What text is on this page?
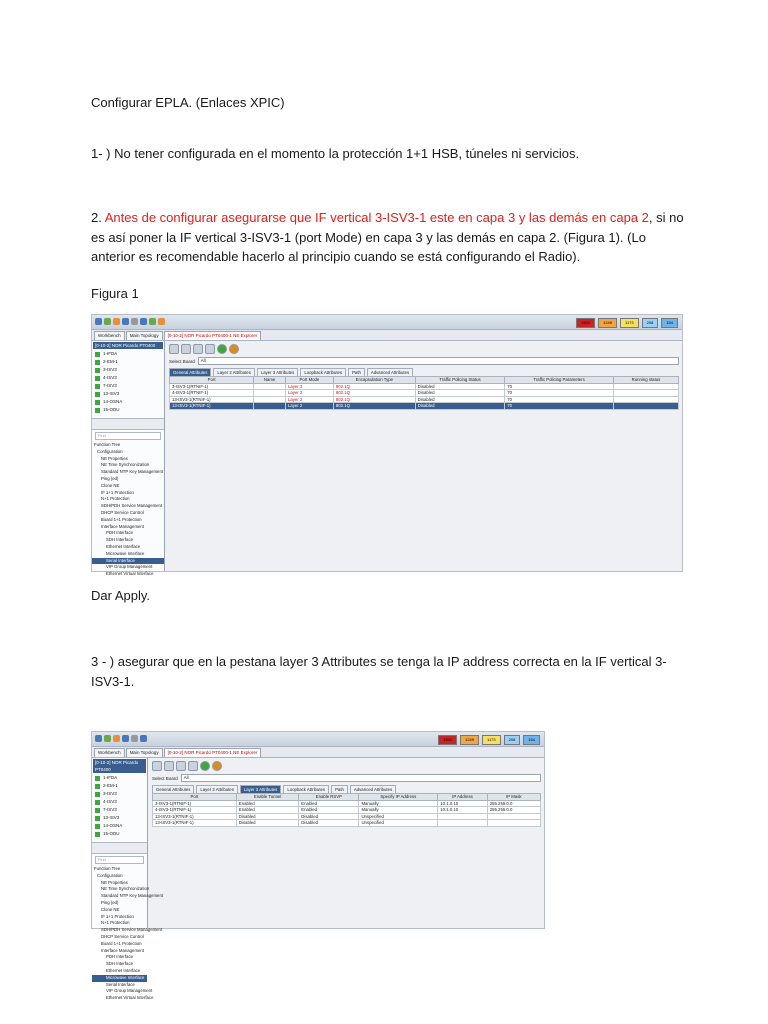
Configurar EPLA. (Enlaces XPIC)

1- ) No tener configurada en el momento la protección 1+1 HSB, túneles ni servicios.

2. Antes de configurar asegurarse que IF vertical 3-ISV3-1 este en capa 3 y las demás en capa 2, si no es así poner la IF vertical 3-ISV3-1 (port Mode) en capa 3 y las demás en capa 2. (Figura 1). (Lo anterior es recomendable hacerlo al principio cuando se está configurando el Radio).

Figura 1

1301	1249	1173	208	154
Workbench	Main Topology	[0-10-2] NOR Picardo PT0400-1 NE Explorer
[0-10-2] NOR Picardo PT0400
1-IFDA
2-EM-1
3-ISV3
4-ISV3
7-ISV3
13-ISV3
14-OSNA
15-ODU
Find
Function Tree
Configuration
NE Properties
NE Time Synchronization
Standard NTP Key Management
Ping (ed)
Clone NE
IF 1+1 Protection
N+1 Protection
SDH/PDH Service Management
DHCP Service Control
Board 1+1 Protection
Interface Management
PDH Interface
SDH Interface
Ethernet Interface
Microwave Interface
Serial Interface
VIP Group Management
Ethernet Virtual Interface
Select Board	All
General Attributes	Layer 2 Attributes	Layer 3 Attributes	Loopback Attributes	Path	Advanced Attributes
Port	Name	Port Mode	Encapsulation Type	Traffic Policing Status	Traffic Policing Parameters	Running status
3-ISV3-1(RTNIF-1)		Layer 3	802.1Q	Disabled	70	
4-ISV3-1(RTNIF-1)		Layer 2	802.1Q	Disabled	70	
13-ISV3-1(RTNIF-1)		Layer 2	802.1Q	Disabled	70	
13-ISV3-1(RTNIF-1)		Layer 2	802.1Q	Disabled	70	

Dar Apply.

3 - ) asegurar que en la pestana layer 3 Attributes se tenga la IP address correcta en la IF vertical 3-ISV3-1.

1301	1249	1173	208	154
Workbench	Main Topology	[0-10-2] NOR Picardo PT0400-1 NE Explorer
[0-10-2] NOR Picardo PT0400
1-IFDA
2-EM-1
3-ISV3
4-ISV3
7-ISV3
13-ISV3
14-OSNA
15-ODU
Find
Function Tree
Configuration
NE Properties
NE Time Synchronization
Standard NTP Key Management
Ping (ed)
Clone NE
IF 1+1 Protection
N+1 Protection
SDH/PDH Service Management
DHCP Service Control
Board 1+1 Protection
Interface Management
PDH Interface
SDH Interface
Ethernet Interface
Microwave Interface
Serial Interface
VIP Group Management
Ethernet Virtual Interface
Select Board	All
General Attributes	Layer 2 Attributes	Layer 3 Attributes	Loopback Attributes	Path	Advanced Attributes
Port	Enable Tunnel	Enable RSVP	Specify IP Address	IP Address	IP Mask
3-ISV3-1(RTNIF-1)	Enabled	Enabled	Manually	10.1.0.10	255.255.0.0
4-ISV3-1(RTNIF-1)	Enabled	Enabled	Manually	10.1.0.10	255.255.0.0
13-ISV3-1(RTNIF-1)	Disabled	Disabled	Unspecified		
13-ISV3-1(RTNIF-1)	Disabled	Disabled	Unspecified		
